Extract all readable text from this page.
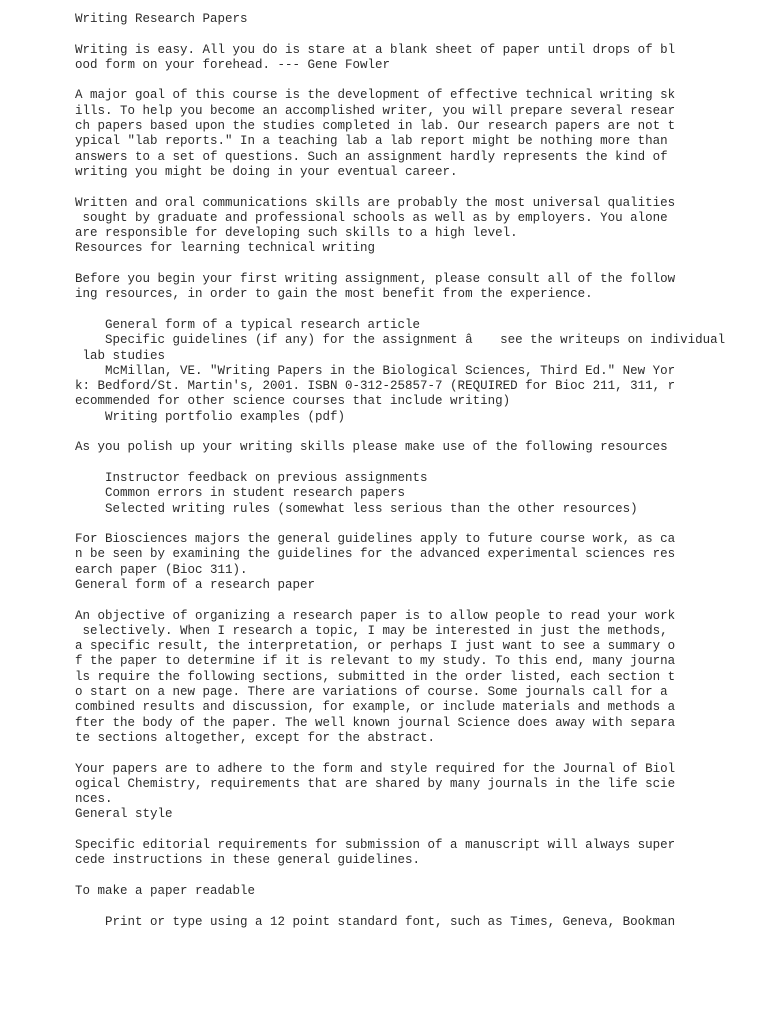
Writing Research Papers
Writing is easy. All you do is stare at a blank sheet of paper until drops of bl
ood form on your forehead. --- Gene Fowler
A major goal of this course is the development of effective technical writing sk
ills. To help you become an accomplished writer, you will prepare several resear
ch papers based upon the studies completed in lab. Our research papers are not t
ypical "lab reports." In a teaching lab a lab report might be nothing more than
answers to a set of questions. Such an assignment hardly represents the kind of
writing you might be doing in your eventual career.
Written and oral communications skills are probably the most universal qualities
sought by graduate and professional schools as well as by employers. You alone
are responsible for developing such skills to a high level.
Resources for learning technical writing
Before you begin your first writing assignment, please consult all of the follow
ing resources, in order to gain the most benefit from the experience.
General form of a typical research article
Specific guidelines (if any) for the assignment â see the writeups on individual
lab studies
McMillan, VE. "Writing Papers in the Biological Sciences, Third Ed." New Yor
k: Bedford/St. Martin's, 2001. ISBN 0-312-25857-7 (REQUIRED for Bioc 211, 311, r
ecommended for other science courses that include writing)
Writing portfolio examples (pdf)
As you polish up your writing skills please make use of the following resources
Instructor feedback on previous assignments
Common errors in student research papers
Selected writing rules (somewhat less serious than the other resources)
For Biosciences majors the general guidelines apply to future course work, as ca
n be seen by examining the guidelines for the advanced experimental sciences res
earch paper (Bioc 311).
General form of a research paper
An objective of organizing a research paper is to allow people to read your work
selectively. When I research a topic, I may be interested in just the methods,
a specific result, the interpretation, or perhaps I just want to see a summary o
f the paper to determine if it is relevant to my study. To this end, many journa
ls require the following sections, submitted in the order listed, each section t
o start on a new page. There are variations of course. Some journals call for a
combined results and discussion, for example, or include materials and methods a
fter the body of the paper. The well known journal Science does away with separa
te sections altogether, except for the abstract.
Your papers are to adhere to the form and style required for the Journal of Biol
ogical Chemistry, requirements that are shared by many journals in the life scie
nces.
General style
Specific editorial requirements for submission of a manuscript will always super
cede instructions in these general guidelines.
To make a paper readable
Print or type using a 12 point standard font, such as Times, Geneva, Bookman
